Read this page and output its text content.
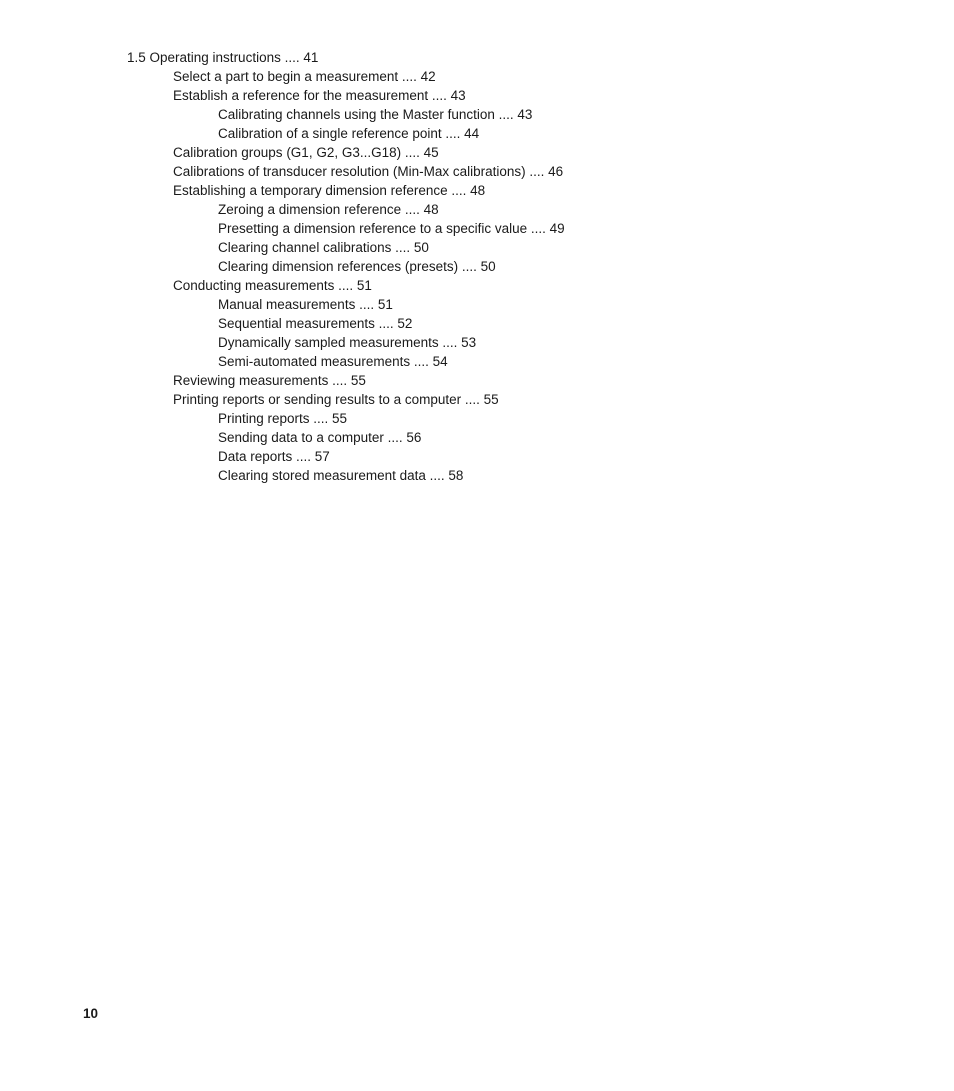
1.5 Operating instructions .... 41
Select a part to begin a measurement .... 42
Establish a reference for the measurement .... 43
Calibrating channels using the Master function .... 43
Calibration of a single reference point .... 44
Calibration groups (G1, G2, G3...G18) .... 45
Calibrations of transducer resolution (Min-Max calibrations) .... 46
Establishing a temporary dimension reference .... 48
Zeroing a dimension reference .... 48
Presetting a dimension reference to a specific value .... 49
Clearing channel calibrations .... 50
Clearing dimension references (presets) .... 50
Conducting measurements .... 51
Manual measurements .... 51
Sequential measurements .... 52
Dynamically sampled measurements .... 53
Semi-automated measurements .... 54
Reviewing measurements .... 55
Printing reports or sending results to a computer .... 55
Printing reports .... 55
Sending data to a computer .... 56
Data reports .... 57
Clearing stored measurement data .... 58
10
